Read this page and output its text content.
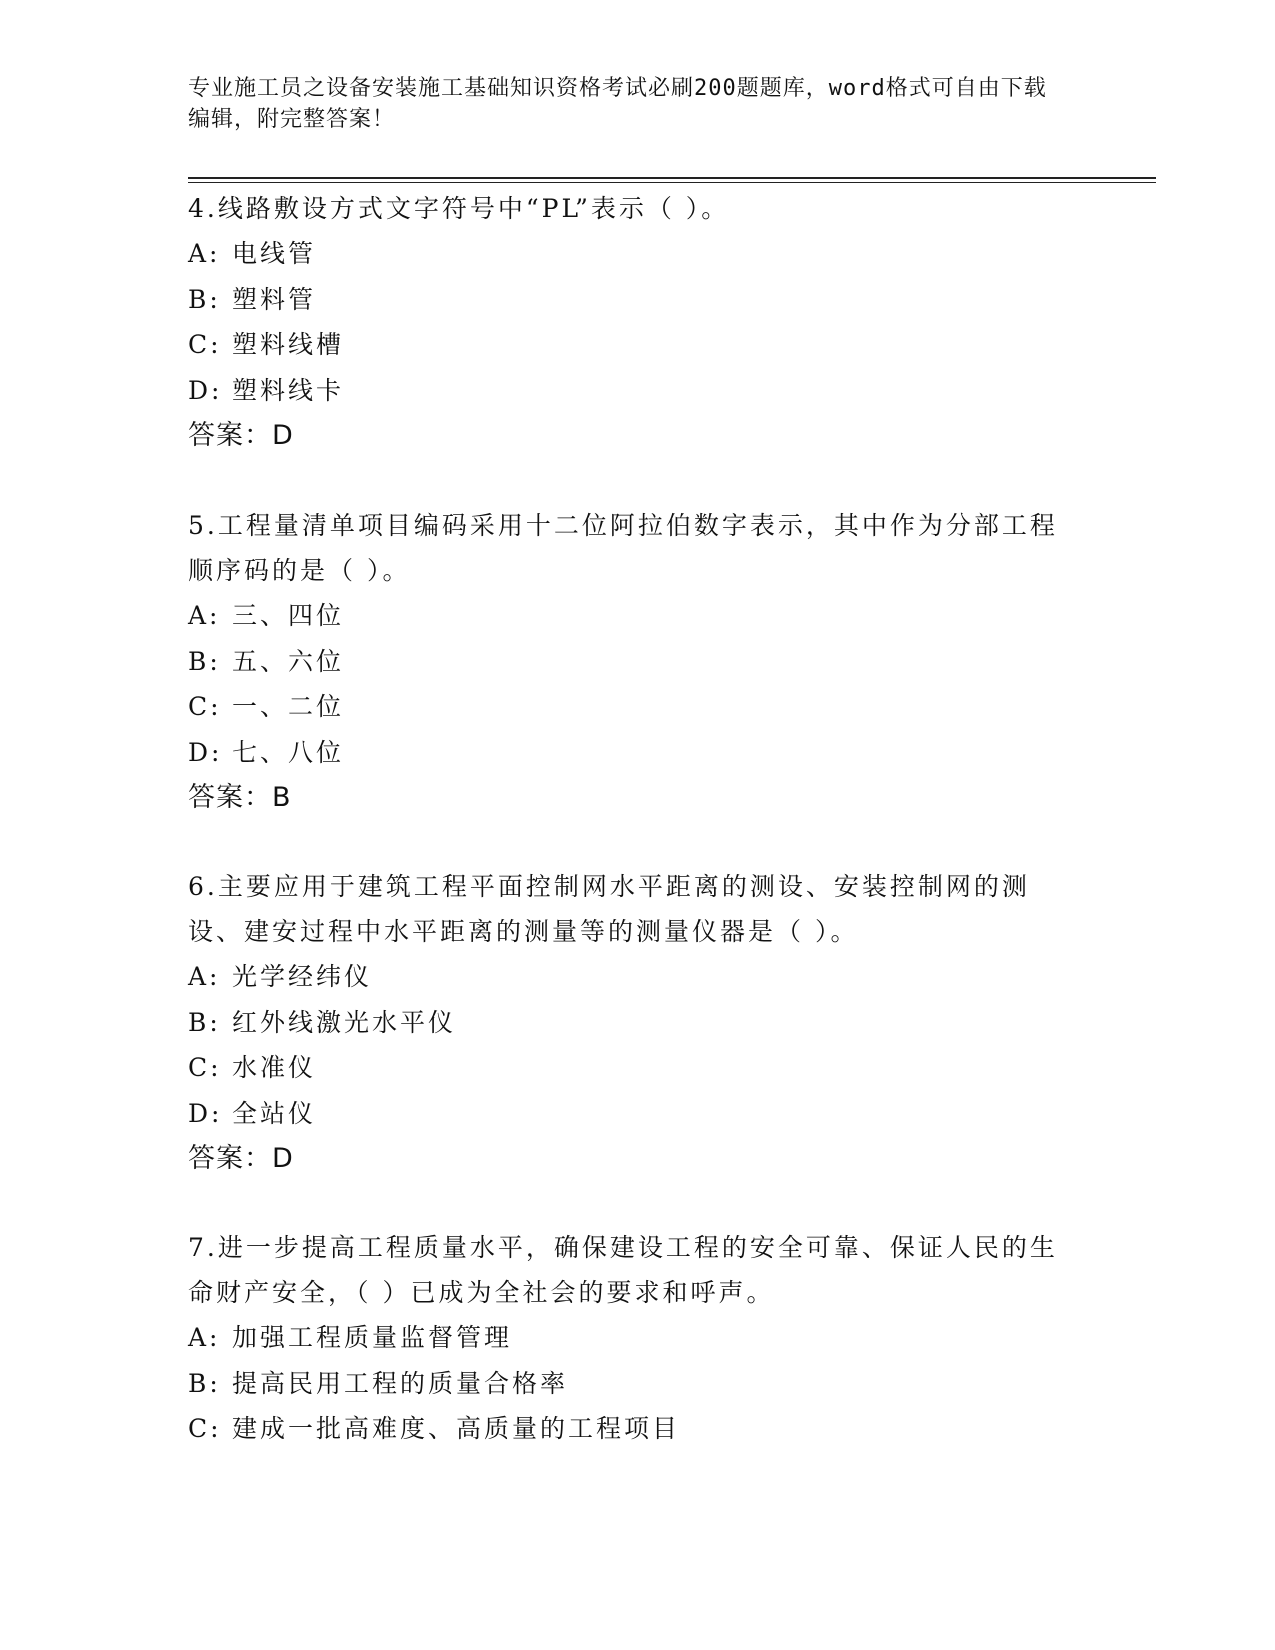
专业施工员之设备安装施工基础知识资格考试必刷200题题库，word格式可自由下载编辑，附完整答案！

4.线路敷设方式文字符号中“PL”表示（ ）。

A: 电线管

B: 塑料管

C: 塑料线槽

D: 塑料线卡

答案：D

5.工程量清单项目编码采用十二位阿拉伯数字表示，其中作为分部工程顺序码的是（ ）。

A: 三、四位

B: 五、六位

C: 一、二位

D: 七、八位

答案：B

6.主要应用于建筑工程平面控制网水平距离的测设、安装控制网的测设、建安过程中水平距离的测量等的测量仪器是（ ）。

A: 光学经纬仪

B: 红外线激光水平仪

C: 水准仪

D: 全站仪

答案：D

7.进一步提高工程质量水平，确保建设工程的安全可靠、保证人民的生命财产安全，（ ）已成为全社会的要求和呼声。

A: 加强工程质量监督管理

B: 提高民用工程的质量合格率

C: 建成一批高难度、高质量的工程项目
